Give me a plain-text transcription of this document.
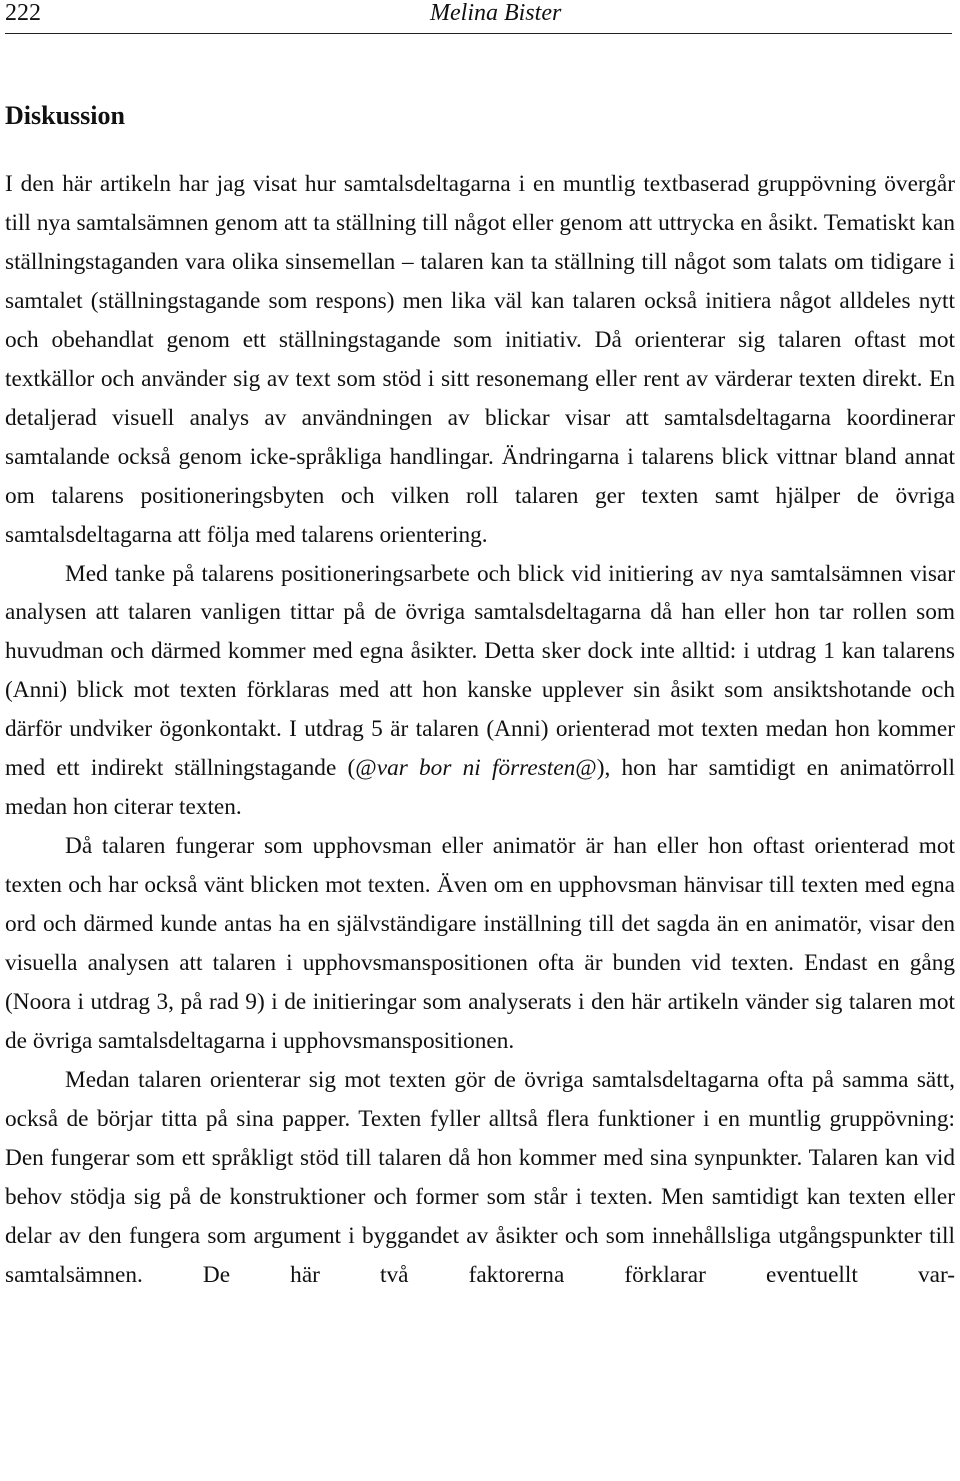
222	Melina Bister
Diskussion

I den här artikeln har jag visat hur samtalsdeltagarna i en muntlig textbaserad gruppövning övergår till nya samtalsämnen genom att ta ställning till något eller genom att uttrycka en åsikt. Tematiskt kan ställningstaganden vara olika sinsemellan – talaren kan ta ställning till något som talats om tidigare i samtalet (ställningstagande som respons) men lika väl kan talaren också initiera något alldeles nytt och obehandlat genom ett ställningstagande som initiativ. Då orienterar sig talaren oftast mot textkällor och använder sig av text som stöd i sitt resonemang eller rent av värderar texten direkt. En detaljerad visuell analys av användningen av blickar visar att samtalsdeltagarna koordinerar samtalande också genom icke-språkliga handlingar. Ändringarna i talarens blick vittnar bland annat om talarens positioneringsbyten och vilken roll talaren ger texten samt hjälper de övriga samtalsdeltagarna att följa med talarens orientering.

Med tanke på talarens positioneringsarbete och blick vid initiering av nya samtalsämnen visar analysen att talaren vanligen tittar på de övriga samtalsdeltagarna då han eller hon tar rollen som huvudman och därmed kommer med egna åsikter. Detta sker dock inte alltid: i utdrag 1 kan talarens (Anni) blick mot texten förklaras med att hon kanske upplever sin åsikt som ansiktshotande och därför undviker ögonkontakt. I utdrag 5 är talaren (Anni) orienterad mot texten medan hon kommer med ett indirekt ställningstagande (@var bor ni förresten@), hon har samtidigt en animatörroll medan hon citerar texten.

Då talaren fungerar som upphovsman eller animatör är han eller hon oftast orienterad mot texten och har också vänt blicken mot texten. Även om en upphovsman hänvisar till texten med egna ord och därmed kunde antas ha en självständigare inställning till det sagda än en animatör, visar den visuella analysen att talaren i upphovsmanspositionen ofta är bunden vid texten. Endast en gång (Noora i utdrag 3, på rad 9) i de initieringar som analyserats i den här artikeln vänder sig talaren mot de övriga samtalsdeltagarna i upphovsmanspositionen.

Medan talaren orienterar sig mot texten gör de övriga samtalsdeltagarna ofta på samma sätt, också de börjar titta på sina papper. Texten fyller alltså flera funktioner i en muntlig gruppövning: Den fungerar som ett språkligt stöd till talaren då hon kommer med sina synpunkter. Talaren kan vid behov stödja sig på de konstruktioner och former som står i texten. Men samtidigt kan texten eller delar av den fungera som argument i byggandet av åsikter och som innehållsliga utgångspunkter till samtalsämnen. De här två faktorerna förklarar eventuellt var-
